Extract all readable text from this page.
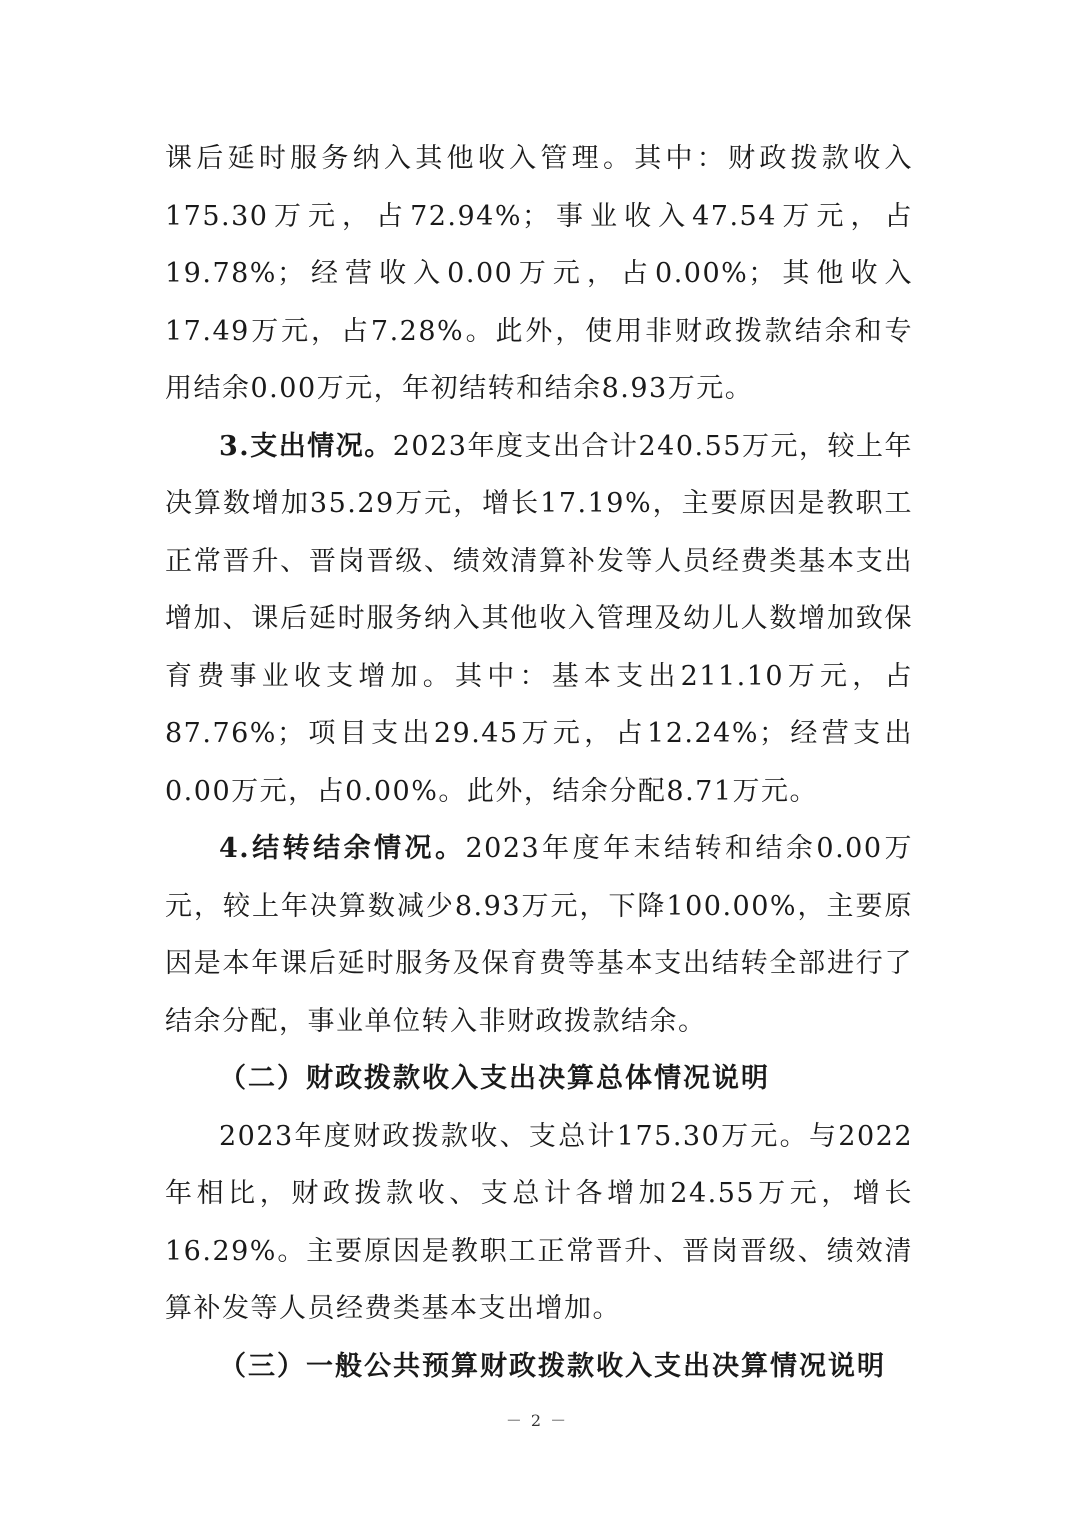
课后延时服务纳入其他收入管理。其中：财政拨款收入175.30万元，占72.94%；事业收入47.54万元，占19.78%；经营收入0.00万元，占0.00%；其他收入17.49万元，占7.28%。此外，使用非财政拨款结余和专用结余0.00万元，年初结转和结余8.93万元。

3.支出情况。2023年度支出合计240.55万元，较上年决算数增加35.29万元，增长17.19%，主要原因是教职工正常晋升、晋岗晋级、绩效清算补发等人员经费类基本支出增加、课后延时服务纳入其他收入管理及幼儿人数增加致保育费事业收支增加。其中：基本支出211.10万元，占87.76%；项目支出29.45万元，占12.24%；经营支出0.00万元，占0.00%。此外，结余分配8.71万元。

4.结转结余情况。2023年度年末结转和结余0.00万元，较上年决算数减少8.93万元，下降100.00%，主要原因是本年课后延时服务及保育费等基本支出结转全部进行了结余分配，事业单位转入非财政拨款结余。

（二）财政拨款收入支出决算总体情况说明

2023年度财政拨款收、支总计175.30万元。与2022年相比，财政拨款收、支总计各增加24.55万元，增长16.29%。主要原因是教职工正常晋升、晋岗晋级、绩效清算补发等人员经费类基本支出增加。

（三）一般公共预算财政拨款收入支出决算情况说明

－ 2 －
